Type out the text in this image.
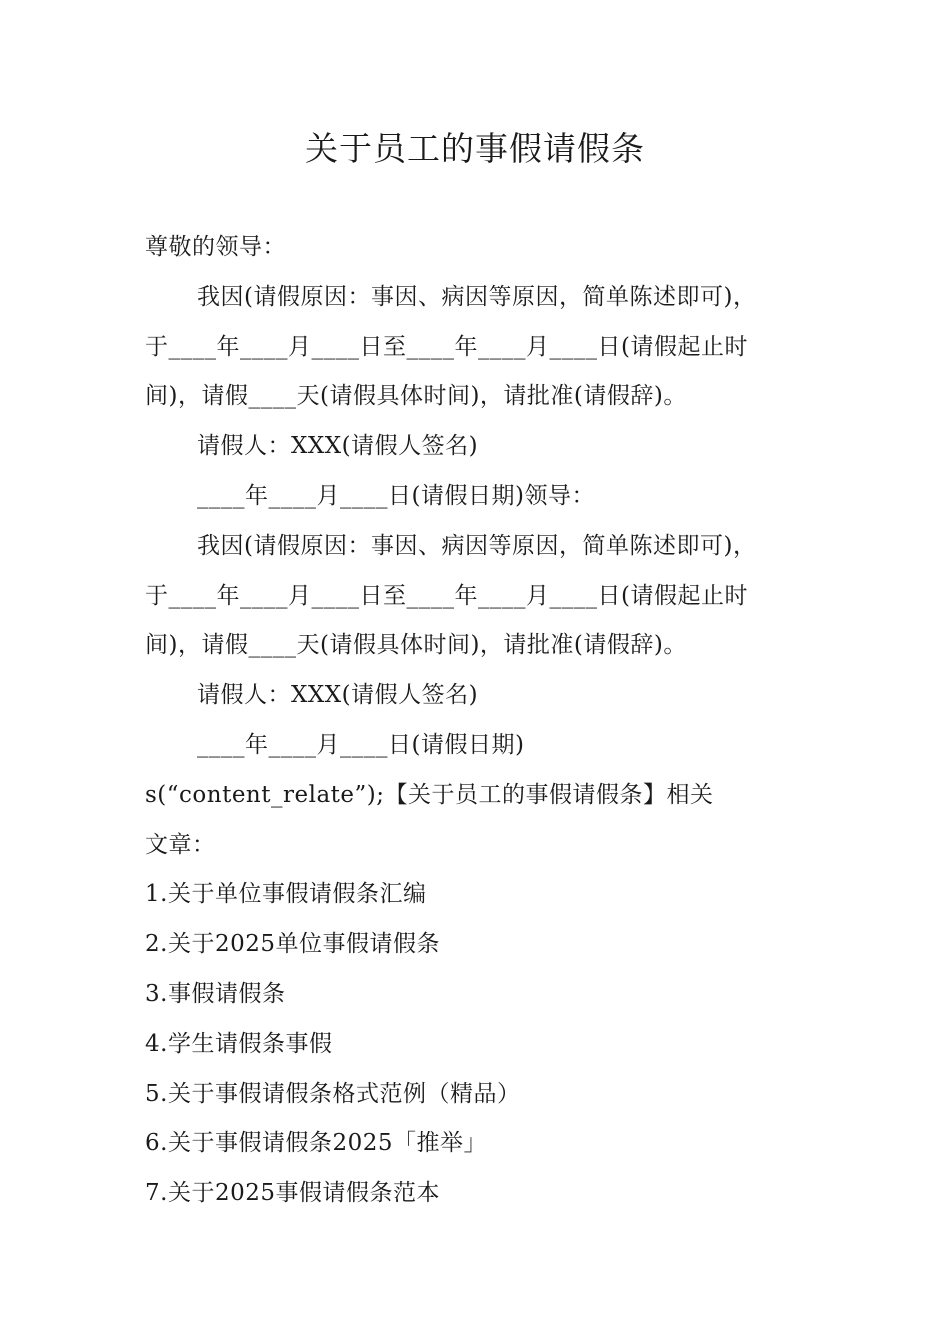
关于员工的事假请假条
尊敬的领导：
我因(请假原因：事因、病因等原因，简单陈述即可)，
于____年____月____日至____年____月____日(请假起止时
间)，请假____天(请假具体时间)，请批准(请假辞)。
请假人：XXX(请假人签名)
____年____月____日(请假日期)领导：
我因(请假原因：事因、病因等原因，简单陈述即可)，
于____年____月____日至____年____月____日(请假起止时
间)，请假____天(请假具体时间)，请批准(请假辞)。
请假人：XXX(请假人签名)
____年____月____日(请假日期)
s(“content_relate”);【关于员工的事假请假条】相关
文章：
1.关于单位事假请假条汇编
2.关于2025单位事假请假条
3.事假请假条
4.学生请假条事假
5.关于事假请假条格式范例（精品）
6.关于事假请假条2025「推举」
7.关于2025事假请假条范本
